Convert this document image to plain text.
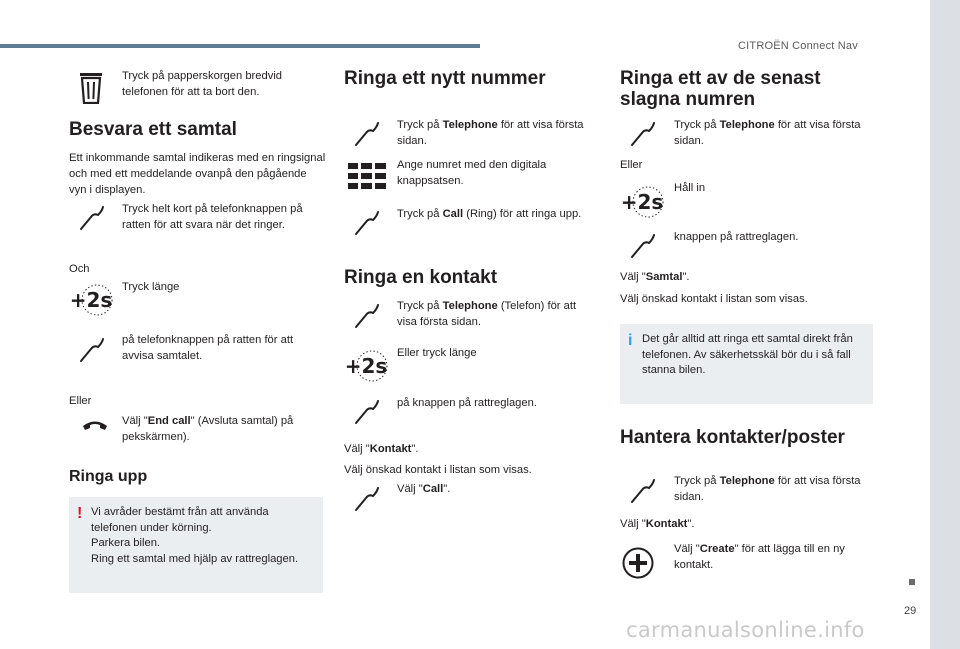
CITROËN Connect Nav
29
carmanualsonline.info
Tryck på papperskorgen bredvid telefonen för att ta bort den.
Besvara ett samtal
Ett inkommande samtal indikeras med en ringsignal och med ett meddelande ovanpå den pågående vyn i displayen.
Tryck helt kort på telefonknappen på ratten för att svara när det ringer.
Och
+2s
Tryck länge
på telefonknappen på ratten för att avvisa samtalet.
Eller
Välj "End call" (Avsluta samtal) på pekskärmen).
Ringa upp
! Vi avråder bestämt från att använda telefonen under körning.
Parkera bilen.
Ring ett samtal med hjälp av rattreglagen.
Ringa ett nytt nummer
Tryck på Telephone för att visa första sidan.
Ange numret med den digitala knappsatsen.
Tryck på Call (Ring) för att ringa upp.
Ringa en kontakt
Tryck på Telephone (Telefon) för att visa första sidan.
+2s
Eller tryck länge
på knappen på rattreglagen.
Välj "Kontakt".
Välj önskad kontakt i listan som visas.
Välj "Call".
Ringa ett av de senast slagna numren
Tryck på Telephone för att visa första sidan.
Eller
+2s
Håll in
knappen på rattreglagen.
Välj "Samtal".
Välj önskad kontakt i listan som visas.
i Det går alltid att ringa ett samtal direkt från telefonen. Av säkerhetsskäl bör du i så fall stanna bilen.
Hantera kontakter/poster
Tryck på Telephone för att visa första sidan.
Välj "Kontakt".
Välj "Create" för att lägga till en ny kontakt.
